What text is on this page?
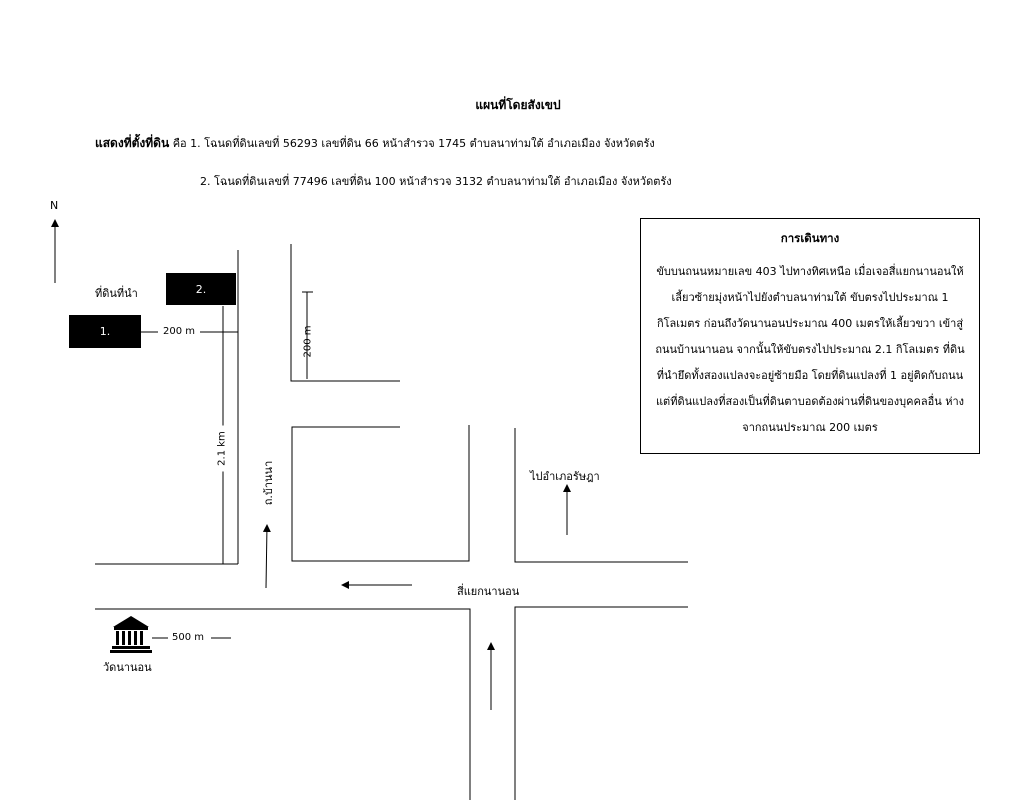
แผนที่โดยสังเขป
แสดงที่ตั้งที่ดิน คือ 1. โฉนดที่ดินเลขที่ 56293 เลขที่ดิน 66 หน้าสำรวจ 1745 ตำบลนาท่ามใต้ อำเภอเมือง จังหวัดตรัง
2. โฉนดที่ดินเลขที่ 77496 เลขที่ดิน 100 หน้าสำรวจ 3132 ตำบลนาท่ามใต้ อำเภอเมือง จังหวัดตรัง
N
ที่ดินที่นำ	2.
1.	200 m	200 m
2.1 km
ถ.บ้านนา	ไปอำเภอรัษฎา
สี่แยกนานอน
500 m
วัดนานอน
การเดินทาง
ขับบนถนนหมายเลข 403 ไปทางทิศเหนือ เมื่อเจอสี่แยกนานอนให้
เลี้ยวซ้ายมุ่งหน้าไปยังตำบลนาท่ามใต้ ขับตรงไปประมาณ 1
กิโลเมตร ก่อนถึงวัดนานอนประมาณ 400 เมตรให้เลี้ยวขวา เข้าสู่
ถนนบ้านนานอน จากนั้นให้ขับตรงไปประมาณ 2.1 กิโลเมตร ที่ดิน
ที่นำยึดทั้งสองแปลงจะอยู่ซ้ายมือ โดยที่ดินแปลงที่ 1 อยู่ติดกับถนน
แต่ที่ดินแปลงที่สองเป็นที่ดินตาบอดต้องผ่านที่ดินของบุคคลอื่น ห่าง
จากถนนประมาณ 200 เมตร
